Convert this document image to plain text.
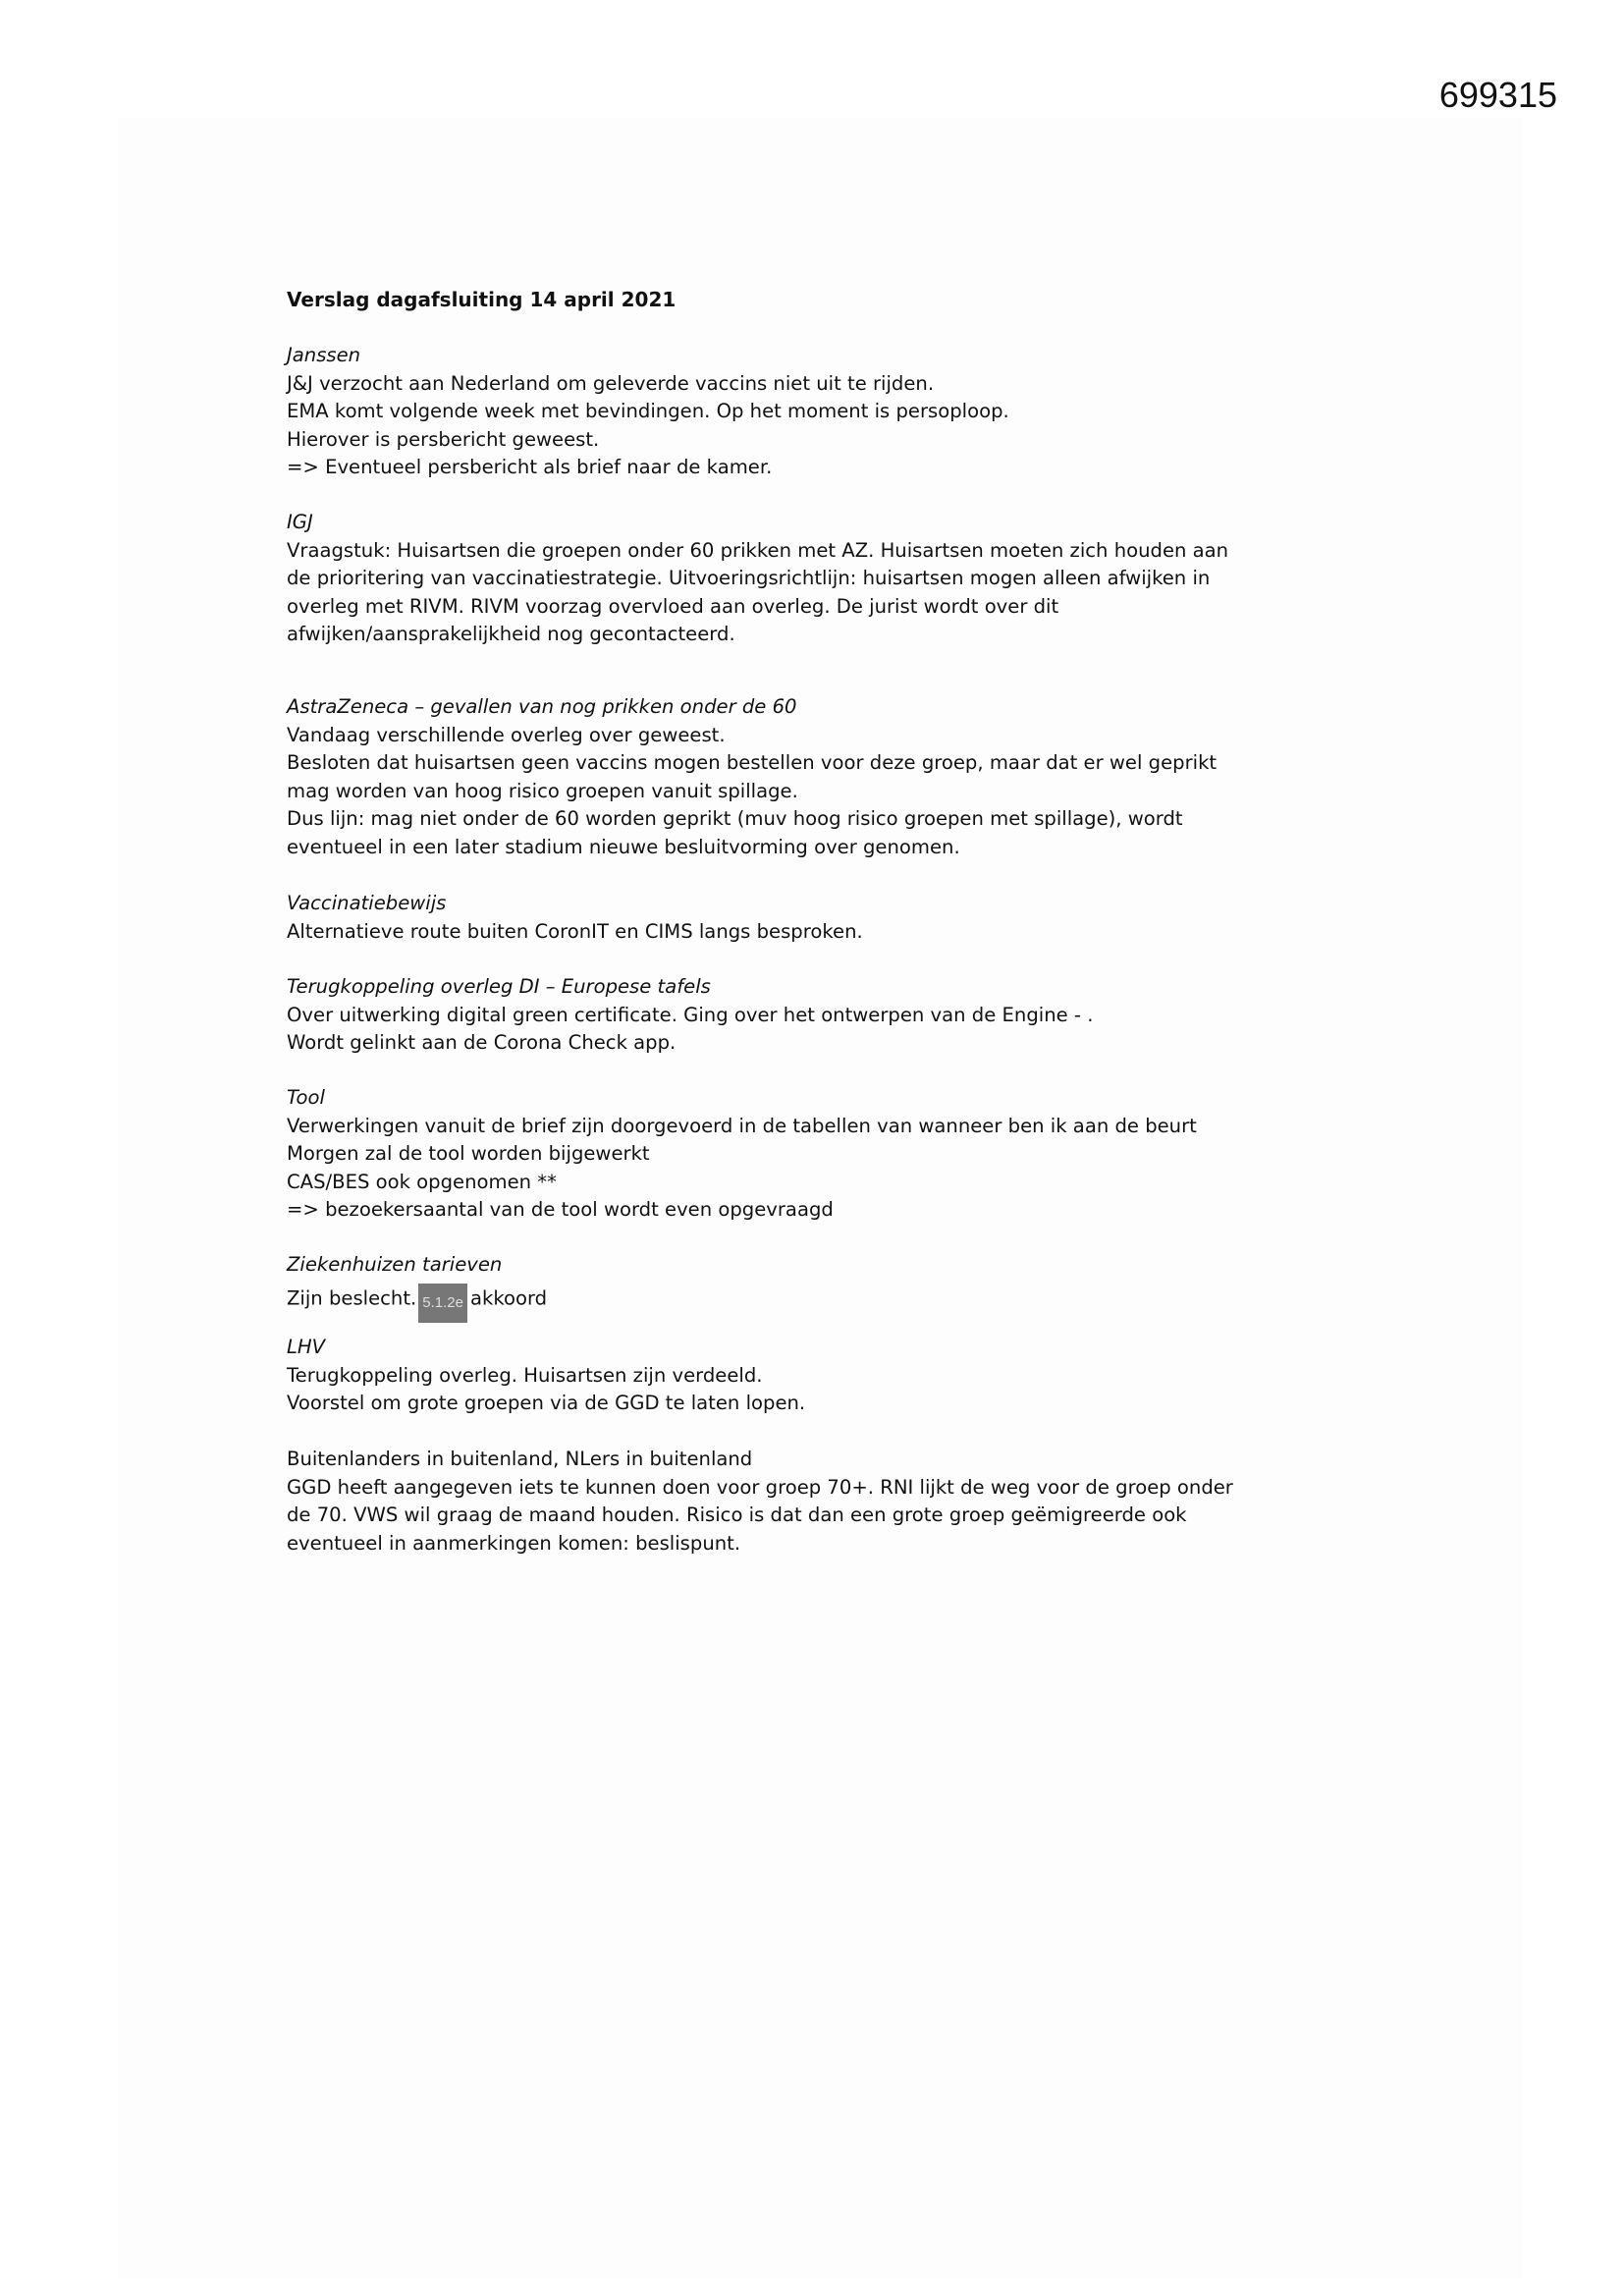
699315
Verslag dagafsluiting 14 april 2021
Janssen
J&J verzocht aan Nederland om geleverde vaccins niet uit te rijden.
EMA komt volgende week met bevindingen. Op het moment is persoploop.
Hierover is persbericht geweest.
=> Eventueel persbericht als brief naar de kamer.
IGJ
Vraagstuk: Huisartsen die groepen onder 60 prikken met AZ. Huisartsen moeten zich houden aan
de prioritering van vaccinatiestrategie. Uitvoeringsrichtlijn: huisartsen mogen alleen afwijken in
overleg met RIVM. RIVM voorzag overvloed aan overleg. De jurist wordt over dit
afwijken/aansprakelijkheid nog gecontacteerd.
AstraZeneca – gevallen van nog prikken onder de 60
Vandaag verschillende overleg over geweest.
Besloten dat huisartsen geen vaccins mogen bestellen voor deze groep, maar dat er wel geprikt
mag worden van hoog risico groepen vanuit spillage.
Dus lijn: mag niet onder de 60 worden geprikt (muv hoog risico groepen met spillage), wordt
eventueel in een later stadium nieuwe besluitvorming over genomen.
Vaccinatiebewijs
Alternatieve route buiten CoronIT en CIMS langs besproken.
Terugkoppeling overleg DI – Europese tafels
Over uitwerking digital green certificate. Ging over het ontwerpen van de Engine - .
Wordt gelinkt aan de Corona Check app.
Tool
Verwerkingen vanuit de brief zijn doorgevoerd in de tabellen van wanneer ben ik aan de beurt
Morgen zal de tool worden bijgewerkt
CAS/BES ook opgenomen **
=> bezoekersaantal van de tool wordt even opgevraagd
Ziekenhuizen tarieven
Zijn beslecht. 5.1.2e akkoord
LHV
Terugkoppeling overleg. Huisartsen zijn verdeeld.
Voorstel om grote groepen via de GGD te laten lopen.
Buitenlanders in buitenland, NLers in buitenland
GGD heeft aangegeven iets te kunnen doen voor groep 70+. RNI lijkt de weg voor de groep onder
de 70. VWS wil graag de maand houden. Risico is dat dan een grote groep geëmigreerde ook
eventueel in aanmerkingen komen: beslispunt.
